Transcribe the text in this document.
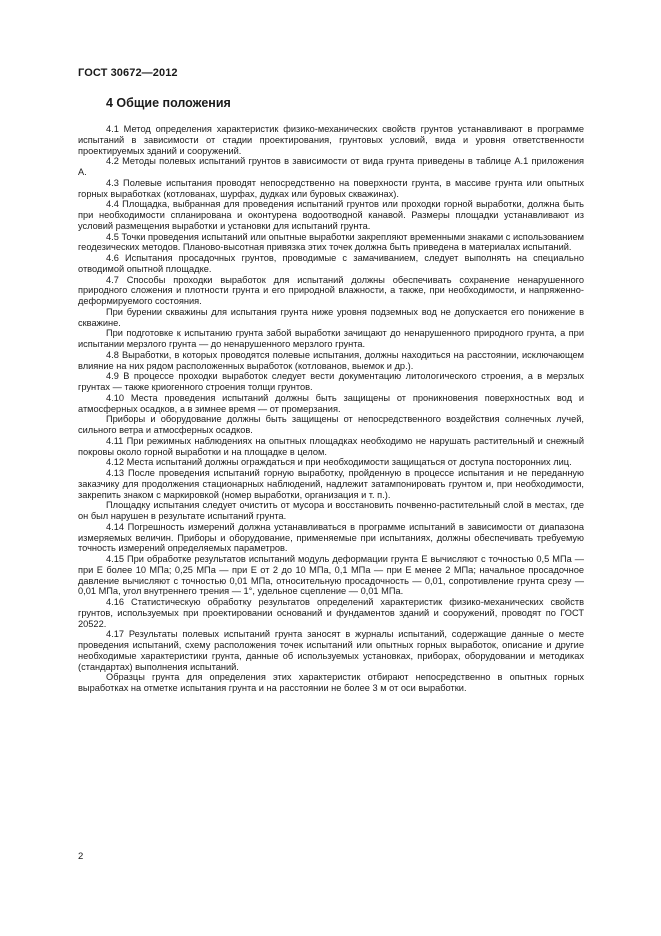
ГОСТ 30672—2012
4 Общие положения

4.1 Метод определения характеристик физико-механических свойств грунтов устанавливают в программе испытаний в зависимости от стадии проектирования, грунтовых условий, вида и уровня ответственности проектируемых зданий и сооружений.

4.2 Методы полевых испытаний грунтов в зависимости от вида грунта приведены в таблице А.1 приложения А.

4.3 Полевые испытания проводят непосредственно на поверхности грунта, в массиве грунта или опытных горных выработках (котлованах, шурфах, дудках или буровых скважинах).

4.4 Площадка, выбранная для проведения испытаний грунтов или проходки горной выработки, должна быть при необходимости спланирована и оконтурена водоотводной канавой. Размеры площадки устанавливают из условий размещения выработки и установки для испытаний грунта.

4.5 Точки проведения испытаний или опытные выработки закрепляют временными знаками с использованием геодезических методов. Планово-высотная привязка этих точек должна быть приведена в материалах испытаний.

4.6 Испытания просадочных грунтов, проводимые с замачиванием, следует выполнять на специально отводимой опытной площадке.

4.7 Способы проходки выработок для испытаний должны обеспечивать сохранение ненарушенного природного сложения и плотности грунта и его природной влажности, а также, при необходимости, и напряженно-деформируемого состояния.

При бурении скважины для испытания грунта ниже уровня подземных вод не допускается его понижение в скважине.

При подготовке к испытанию грунта забой выработки зачищают до ненарушенного природного грунта, а при испытании мерзлого грунта — до ненарушенного мерзлого грунта.

4.8 Выработки, в которых проводятся полевые испытания, должны находиться на расстоянии, исключающем влияние на них рядом расположенных выработок (котлованов, выемок и др.).

4.9 В процессе проходки выработок следует вести документацию литологического строения, а в мерзлых грунтах — также криогенного строения толщи грунтов.

4.10 Места проведения испытаний должны быть защищены от проникновения поверхностных вод и атмосферных осадков, а в зимнее время — от промерзания.

Приборы и оборудование должны быть защищены от непосредственного воздействия солнечных лучей, сильного ветра и атмосферных осадков.

4.11 При режимных наблюдениях на опытных площадках необходимо не нарушать растительный и снежный покровы около горной выработки и на площадке в целом.

4.12 Места испытаний должны ограждаться и при необходимости защищаться от доступа посторонних лиц.

4.13 После проведения испытаний горную выработку, пройденную в процессе испытания и не переданную заказчику для продолжения стационарных наблюдений, надлежит затампонировать грунтом и, при необходимости, закрепить знаком с маркировкой (номер выработки, организация и т. п.).

Площадку испытания следует очистить от мусора и восстановить почвенно-растительный слой в местах, где он был нарушен в результате испытаний грунта.

4.14 Погрешность измерений должна устанавливаться в программе испытаний в зависимости от диапазона измеряемых величин. Приборы и оборудование, применяемые при испытаниях, должны обеспечивать требуемую точность измерений определяемых параметров.

4.15 При обработке результатов испытаний модуль деформации грунта E вычисляют с точностью 0,5 МПа — при E более 10 МПа; 0,25 МПа — при E от 2 до 10 МПа, 0,1 МПа — при E менее 2 МПа; начальное просадочное давление вычисляют с точностью 0,01 МПа, относительную просадочность — 0,01, сопротивление грунта срезу — 0,01 МПа, угол внутреннего трения — 1°, удельное сцепление — 0,01 МПа.

4.16 Статистическую обработку результатов определений характеристик физико-механических свойств грунтов, используемых при проектировании оснований и фундаментов зданий и сооружений, проводят по ГОСТ 20522.

4.17 Результаты полевых испытаний грунта заносят в журналы испытаний, содержащие данные о месте проведения испытаний, схему расположения точек испытаний или опытных горных выработок, описание и другие необходимые характеристики грунта, данные об используемых установках, приборах, оборудовании и методиках (стандартах) выполнения испытаний.

Образцы грунта для определения этих характеристик отбирают непосредственно в опытных горных выработках на отметке испытания грунта и на расстоянии не более 3 м от оси выработки.

2
